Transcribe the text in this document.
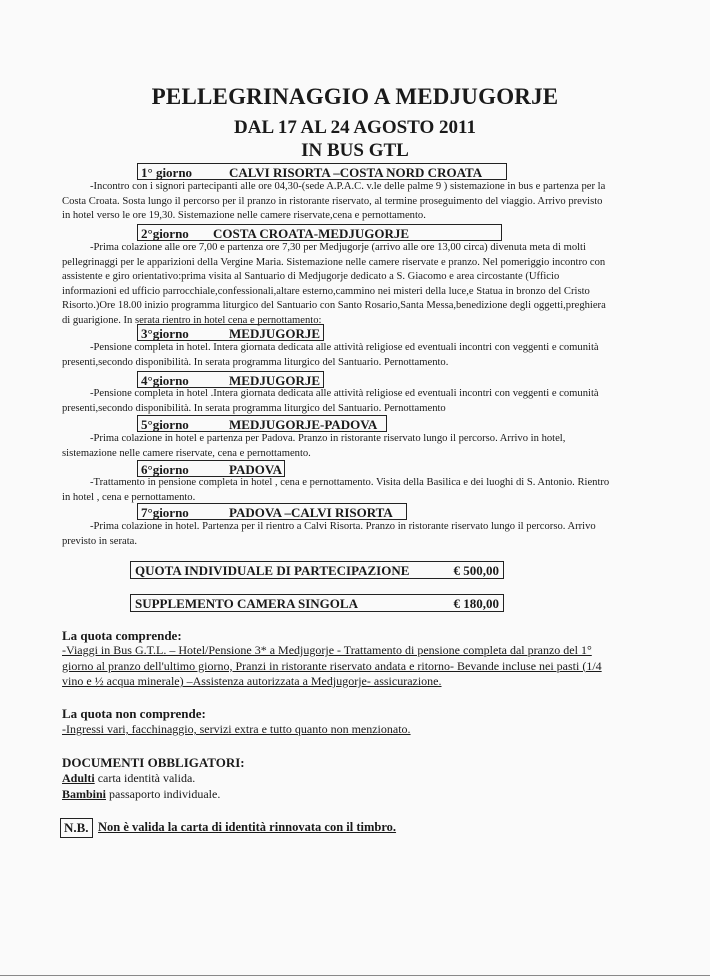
PELLEGRINAGGIO A MEDJUGORJE
DAL 17 AL 24 AGOSTO 2011
IN BUS GTL
1° giorno	CALVI RISORTA –COSTA NORD CROATA
-Incontro con i signori partecipanti alle ore 04,30-(sede A.P.A.C. v.le delle palme 9 ) sistemazione in bus e partenza per la Costa Croata. Sosta lungo il percorso per il pranzo in ristorante riservato, al termine proseguimento del viaggio. Arrivo previsto in hotel verso le ore 19,30. Sistemazione nelle camere riservate,cena e pernottamento.
2°giorno COSTA CROATA-MEDJUGORJE
-Prima colazione alle ore 7,00 e partenza ore 7,30 per Medjugorje (arrivo alle ore 13,00 circa) divenuta meta di molti pellegrinaggi per le apparizioni della Vergine Maria. Sistemazione nelle camere riservate e pranzo. Nel pomeriggio incontro con assistente e giro orientativo:prima visita al Santuario di Medjugorje dedicato a S. Giacomo e area circostante (Ufficio informazioni ed ufficio parrocchiale,confessionali,altare esterno,cammino nei misteri della luce,e Statua in bronzo del Cristo Risorto.)Ore 18.00 inizio programma liturgico del Santuario con Santo Rosario,Santa Messa,benedizione degli oggetti,preghiera di guarigione. In serata rientro in hotel cena e pernottamento:
3°giorno	MEDJUGORJE
-Pensione completa in hotel. Intera giornata dedicata alle attività religiose ed eventuali incontri con veggenti e comunità presenti,secondo disponibilità. In serata programma liturgico del Santuario. Pernottamento.
4°giorno	MEDJUGORJE
-Pensione completa in hotel .Intera giornata dedicata alle attività religiose ed eventuali incontri con veggenti e comunità presenti,secondo disponibilità. In serata programma liturgico del Santuario. Pernottamento
5°giorno	MEDJUGORJE-PADOVA
-Prima colazione in hotel e partenza per Padova. Pranzo in ristorante riservato lungo il percorso. Arrivo in hotel, sistemazione nelle camere riservate, cena e pernottamento.
6°giorno	PADOVA
-Trattamento in pensione completa in hotel , cena e pernottamento. Visita della Basilica e dei luoghi di S. Antonio. Rientro in hotel , cena e pernottamento.
7°giorno	PADOVA –CALVI RISORTA
-Prima colazione in hotel. Partenza per il rientro a Calvi Risorta. Pranzo in ristorante riservato lungo il percorso. Arrivo previsto in serata.
QUOTA INDIVIDUALE DI PARTECIPAZIONE	€ 500,00
SUPPLEMENTO CAMERA SINGOLA	€ 180,00
La quota comprende:
-Viaggi in Bus G.T.L. – Hotel/Pensione 3* a Medjugorje - Trattamento di pensione completa dal pranzo del 1° giorno al pranzo dell'ultimo giorno, Pranzi in ristorante riservato andata e ritorno- Bevande incluse nei pasti (1/4 vino e ½ acqua minerale) –Assistenza autorizzata a Medjugorje- assicurazione.
La quota non comprende:
-Ingressi vari, facchinaggio, servizi extra e tutto quanto non menzionato.
DOCUMENTI OBBLIGATORI:
Adulti carta identità valida.
Bambini passaporto individuale.
N.B. Non è valida la carta di identità rinnovata con il timbro.
